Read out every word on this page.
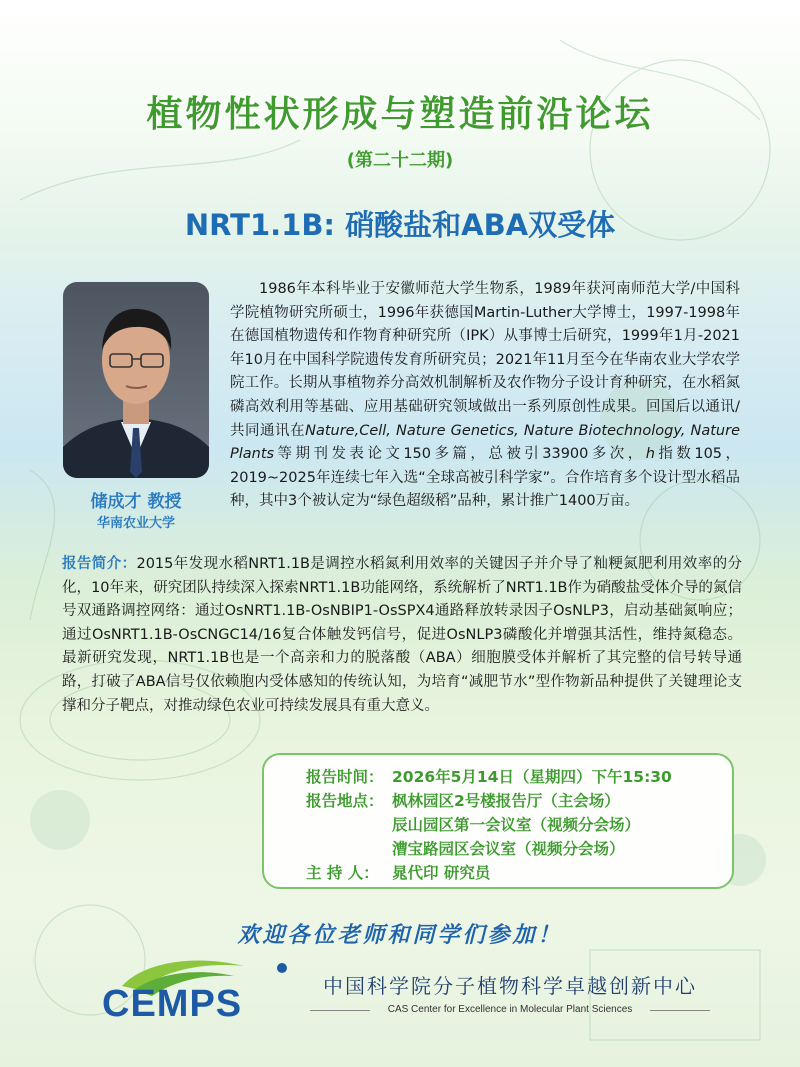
植物性状形成与塑造前沿论坛
(第二十二期)
NRT1.1B: 硝酸盐和ABA双受体
储成才 教授
华南农业大学
1986年本科毕业于安徽师范大学生物系，1989年获河南师范大学/中国科学院植物研究所硕士，1996年获德国Martin-Luther大学博士，1997-1998年在德国植物遗传和作物育种研究所（IPK）从事博士后研究，1999年1月-2021年10月在中国科学院遗传发育所研究员；2021年11月至今在华南农业大学农学院工作。长期从事植物养分高效机制解析及农作物分子设计育种研究，在水稻氮磷高效利用等基础、应用基础研究领域做出一系列原创性成果。回国后以通讯/共同通讯在Nature,Cell, Nature Genetics, Nature Biotechnology, Nature Plants等期刊发表论文150多篇，总被引33900多次，h指数105，2019~2025年连续七年入选“全球高被引科学家”。合作培育多个设计型水稻品种，其中3个被认定为“绿色超级稻”品种，累计推广1400万亩。
报告简介：2015年发现水稻NRT1.1B是调控水稻氮利用效率的关键因子并介导了籼粳氮肥利用效率的分化，10年来，研究团队持续深入探索NRT1.1B功能网络，系统解析了NRT1.1B作为硝酸盐受体介导的氮信号双通路调控网络：通过OsNRT1.1B-OsNBIP1-OsSPX4通路释放转录因子OsNLP3，启动基础氮响应；通过OsNRT1.1B-OsCNGC14/16复合体触发钙信号，促进OsNLP3磷酸化并增强其活性，维持氮稳态。最新研究发现，NRT1.1B也是一个高亲和力的脱落酸（ABA）细胞膜受体并解析了其完整的信号转导通路，打破了ABA信号仅依赖胞内受体感知的传统认知，为培育“减肥节水”型作物新品种提供了关键理论支撑和分子靶点，对推动绿色农业可持续发展具有重大意义。
报告时间： 2026年5月14日（星期四）下午15:30
报告地点： 枫林园区2号楼报告厅（主会场）
辰山园区第一会议室（视频分会场）
漕宝路园区会议室（视频分会场）
主 持 人： 晁代印 研究员
欢迎各位老师和同学们参加！
CEMPS	中国科学院分子植物科学卓越创新中心
CAS Center for Excellence in Molecular Plant Sciences
